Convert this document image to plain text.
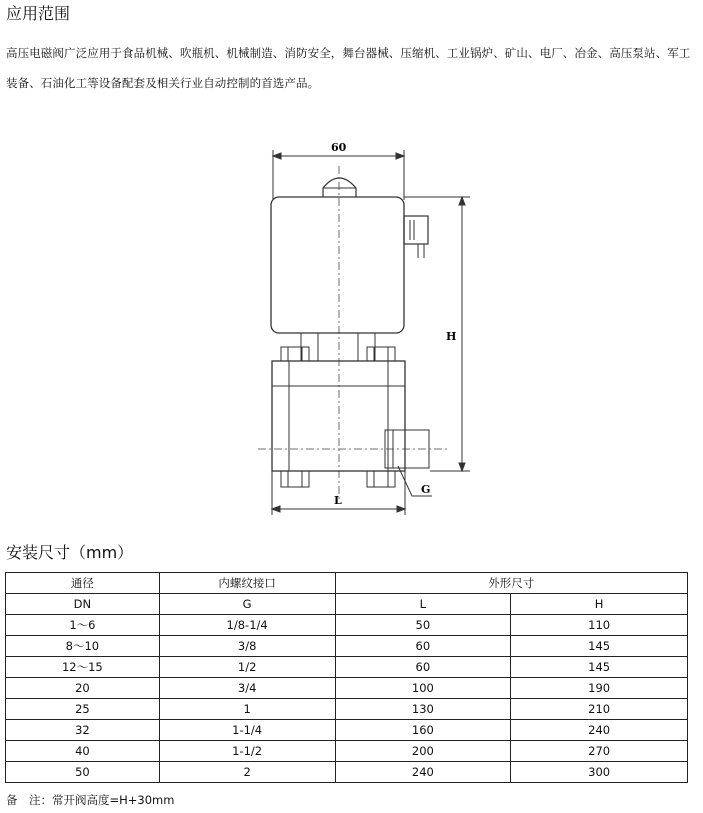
应用范围
高压电磁阀广泛应用于食品机械、吹瓶机、机械制造、消防安全，舞台器械、压缩机、工业锅炉、矿山、电厂、冶金、高压泵站、军工装备、石油化工等设备配套及相关行业自动控制的首选产品。
60
H
L
G
安装尺寸（mm）
通径	内螺纹接口	外形尺寸	
DN	G	L	H
1～6	1/8-1/4	50	110
8～10	3/8	60	145
12～15	1/2	60	145
20	3/4	100	190
25	1	130	210
32	1-1/4	160	240
40	1-1/2	200	270
50	2	240	300
备　注：常开阀高度=H+30mm
